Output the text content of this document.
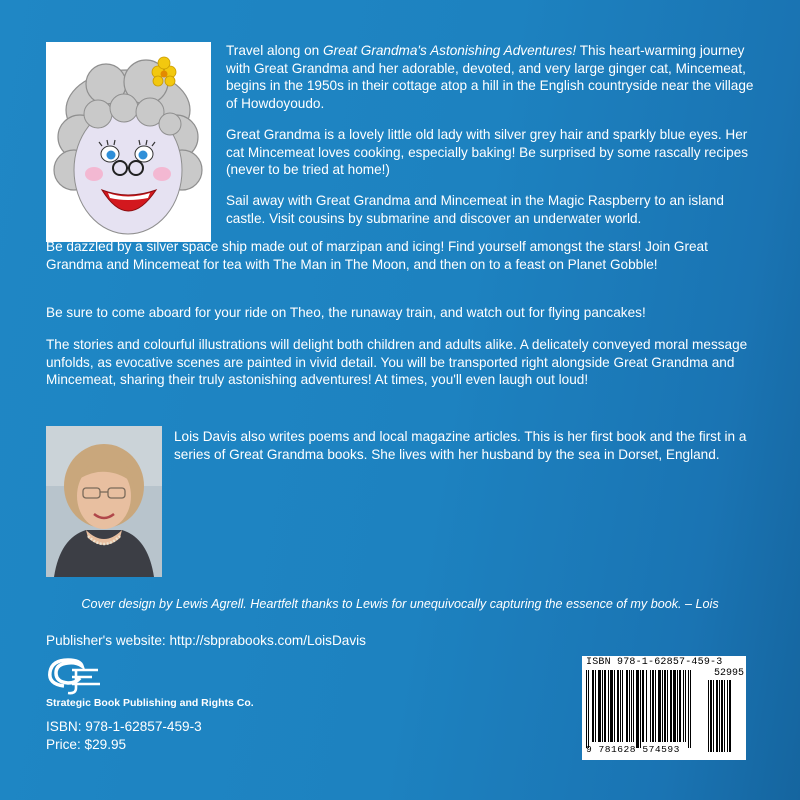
Travel along on Great Grandma's Astonishing Adventures! This heart-warming journey with Great Grandma and her adorable, devoted, and very large ginger cat, Mincemeat, begins in the 1950s in their cottage atop a hill in the English countryside near the village of Howdoyoudo.

Great Grandma is a lovely little old lady with silver grey hair and sparkly blue eyes. Her cat Mincemeat loves cooking, especially baking! Be surprised by some rascally recipes (never to be tried at home!)

Sail away with Great Grandma and Mincemeat in the Magic Raspberry to an island castle. Visit cousins by submarine and discover an underwater world.

Be dazzled by a silver space ship made out of marzipan and icing! Find yourself amongst the stars! Join Great Grandma and Mincemeat for tea with The Man in The Moon, and then on to a feast on Planet Gobble!

Be sure to come aboard for your ride on Theo, the runaway train, and watch out for flying pancakes!

The stories and colourful illustrations will delight both children and adults alike. A delicately conveyed moral message unfolds, as evocative scenes are painted in vivid detail. You will be transported right alongside Great Grandma and Mincemeat, sharing their truly astonishing adventures! At times, you'll even laugh out loud!

Lois Davis also writes poems and local magazine articles. This is her first book and the first in a series of Great Grandma books. She lives with her husband by the sea in Dorset, England.

Cover design by Lewis Agrell. Heartfelt thanks to Lewis for unequivocally capturing the essence of my book. – Lois

Publisher's website: http://sbprabooks.com/LoisDavis

Strategic Book Publishing and Rights Co.

ISBN: 978-1-62857-459-3

Price: $29.95

ISBN 978-1-62857-459-3
52995
9 781628 574593
